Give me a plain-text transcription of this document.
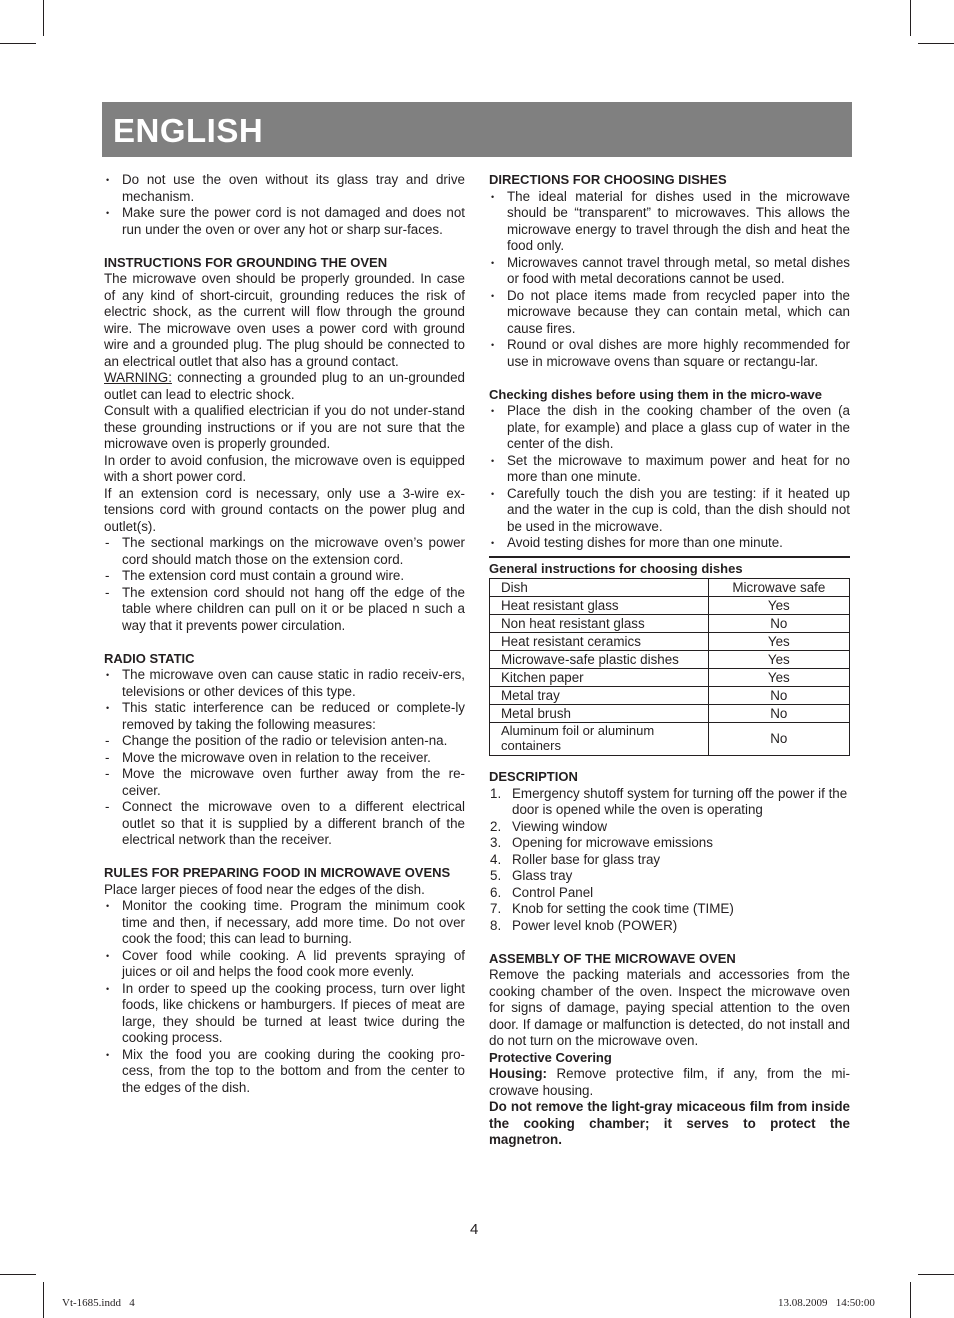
ENGLISH
• Do not use the oven without its glass tray and drive mechanism.
• Make sure the power cord is not damaged and does not run under the oven or over any hot or sharp sur-faces.

INSTRUCTIONS FOR GROUNDING THE OVEN

The microwave oven should be properly grounded. In case of any kind of short-circuit, grounding reduces the risk of electric shock, as the current will flow through the ground wire. The microwave oven uses a power cord with ground wire and a grounded plug. The plug should be connected to an electrical outlet that also has a ground contact.

WARNING: connecting a grounded plug to an un-grounded outlet can lead to electric shock.

Consult with a qualified electrician if you do not under-stand these grounding instructions or if you are not sure that the microwave oven is properly grounded.

In order to avoid confusion, the microwave oven is equipped with a short power cord.

If an extension cord is necessary, only use a 3-wire ex-tensions cord with ground contacts on the power plug and outlet(s).

- The sectional markings on the microwave oven’s power cord should match those on the extension cord.
- The extension cord must contain a ground wire.
- The extension cord should not hang off the edge of the table where children can pull on it or be placed n such a way that it prevents power circulation.

RADIO STATIC

• The microwave oven can cause static in radio receiv-ers, televisions or other devices of this type.
• This static interference can be reduced or complete-ly removed by taking the following measures:
- Change the position of the radio or television anten-na.
- Move the microwave oven in relation to the receiver.
- Move the microwave oven further away from the re-ceiver.
- Connect the microwave oven to a different electrical outlet so that it is supplied by a different branch of the electrical network than the receiver.

RULES FOR PREPARING FOOD IN MICROWAVE OVENS

Place larger pieces of food near the edges of the dish.

• Monitor the cooking time. Program the minimum cook time and then, if necessary, add more time. Do not over cook the food; this can lead to burning.
• Cover food while cooking. A lid prevents spraying of juices or oil and helps the food cook more evenly.
• In order to speed up the cooking process, turn over light foods, like chickens or hamburgers. If pieces of meat are large, they should be turned at least twice during the cooking process.
• Mix the food you are cooking during the cooking pro-cess, from the top to the bottom and from the center to the edges of the dish.

DIRECTIONS FOR CHOOSING DISHES

• The ideal material for dishes used in the microwave should be “transparent” to microwaves. This allows the microwave energy to travel through the dish and heat the food only.
• Microwaves cannot travel through metal, so metal dishes or food with metal decorations cannot be used.
• Do not place items made from recycled paper into the microwave because they can contain metal, which can cause fires.
• Round or oval dishes are more highly recommended for use in microwave ovens than square or rectangu-lar.

Checking dishes before using them in the micro-wave

• Place the dish in the cooking chamber of the oven (a plate, for example) and place a glass cup of water in the center of the dish.
• Set the microwave to maximum power and heat for no more than one minute.
• Carefully touch the dish you are testing: if it heated up and the water in the cup is cold, than the dish should not be used in the microwave.
• Avoid testing dishes for more than one minute.

General instructions for choosing dishes

Dish	Microwave safe
Heat resistant glass	Yes
Non heat resistant glass	No
Heat resistant ceramics	Yes
Microwave-safe plastic dishes	Yes
Kitchen paper	Yes
Metal tray	No
Metal brush	No
Aluminum foil or aluminum containers	No

DESCRIPTION

1. Emergency shutoff system for turning off the power if the door is opened while the oven is operating
2. Viewing window
3. Opening for microwave emissions
4. Roller base for glass tray
5. Glass tray
6. Control Panel
7. Knob for setting the cook time (TIME)
8. Power level knob (POWER)

ASSEMBLY OF THE MICROWAVE OVEN

Remove the packing materials and accessories from the cooking chamber of the oven. Inspect the microwave oven for signs of damage, paying special attention to the oven door. If damage or malfunction is detected, do not install and do not turn on the microwave oven.

Protective Covering

Housing: Remove protective film, if any, from the mi-crowave housing.

Do not remove the light-gray micaceous film from inside the cooking chamber; it serves to protect the magnetron.

4
Vt-1685.indd   4	13.08.2009   14:50:00
